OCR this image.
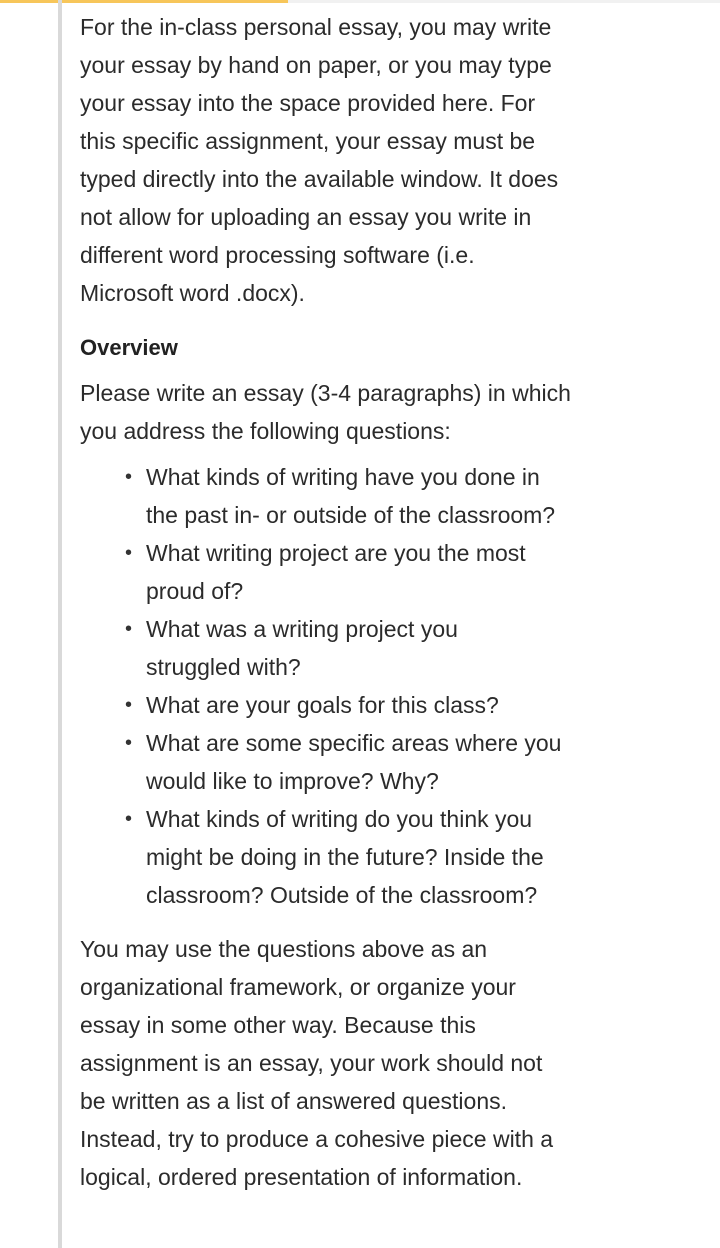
For the in-class personal essay, you may write
your essay by hand on paper, or you may type
your essay into the space provided here. For
this specific assignment, your essay must be
typed directly into the available window. It does
not allow for uploading an essay you write in
different word processing software (i.e.
Microsoft word .docx).

Overview

Please write an essay (3-4 paragraphs) in which
you address the following questions:

• What kinds of writing have you done in
the past in- or outside of the classroom?
• What writing project are you the most
proud of?
• What was a writing project you
struggled with?
• What are your goals for this class?
• What are some specific areas where you
would like to improve? Why?
• What kinds of writing do you think you
might be doing in the future? Inside the
classroom? Outside of the classroom?

You may use the questions above as an
organizational framework, or organize your
essay in some other way. Because this
assignment is an essay, your work should not
be written as a list of answered questions.
Instead, try to produce a cohesive piece with a
logical, ordered presentation of information.
